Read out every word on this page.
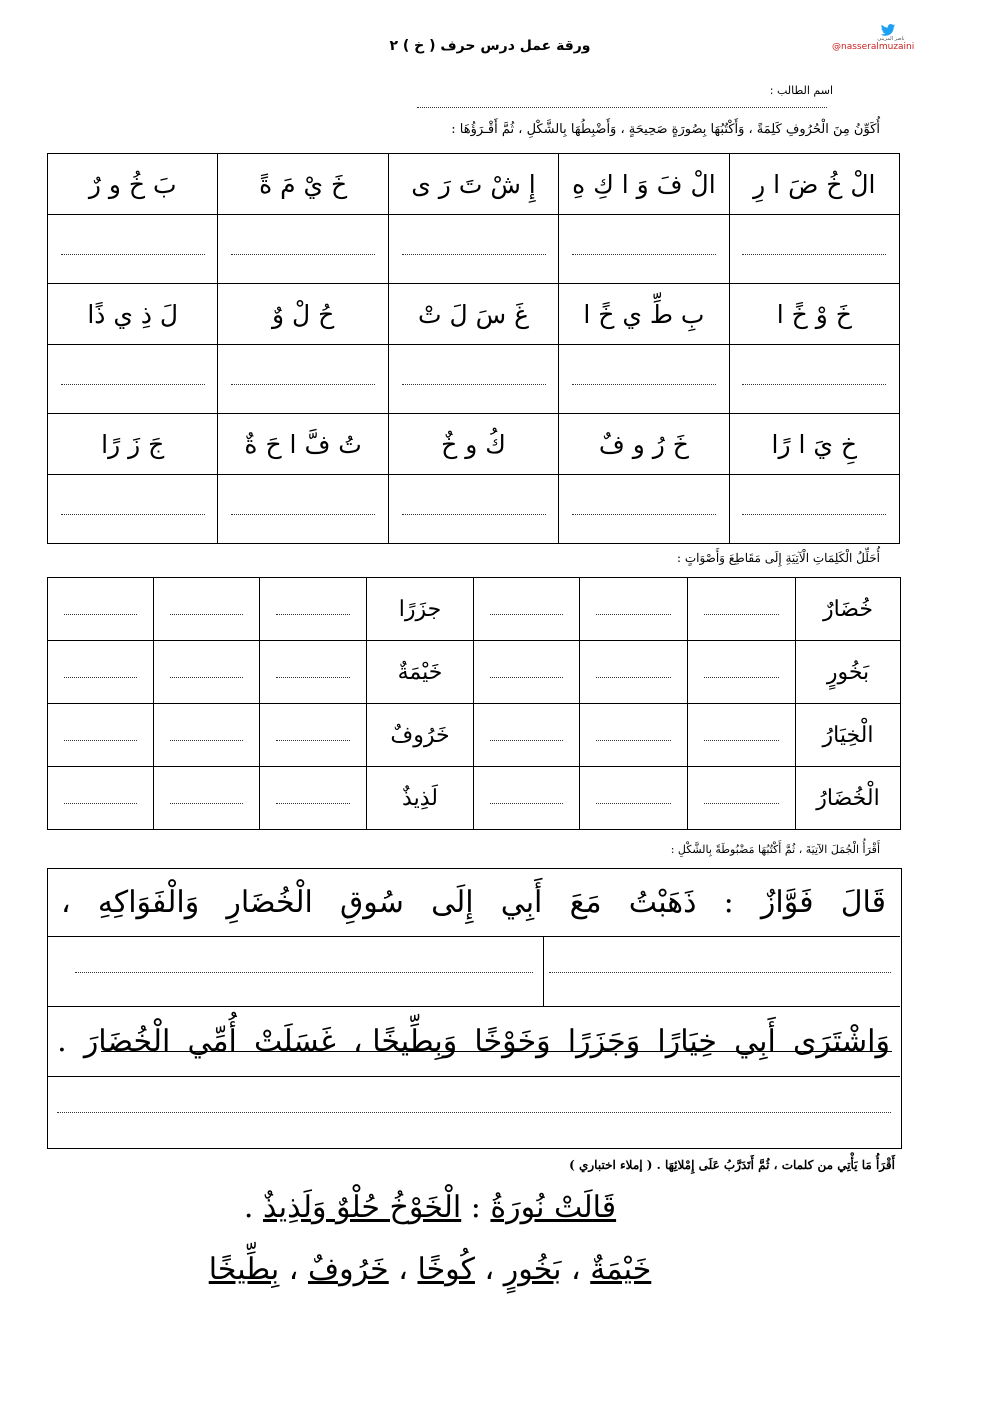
ورقة عمل درس حرف ( خ ) ٢	ناصر المزيني
@nasseralmuzaini
اسم الطالب :
أُكَوِّنُ مِنَ الْحُرُوفِ كَلِمَةً ، وَأَكْتُبُهَا بِصُورَةٍ صَحِيحَةٍ ، وَأَضْبِطُهَا بِالشَّكْلِ ، ثُمَّ أَقْـرَؤُهَا :
الْ خُ ضَ ا رِ	الْ فَ وَ ا كِ هِ	إِ شْ تَ رَ ى	خَ يْ مَ ةً	بَ خُ و رٌ

خَ وْ خً ا	بِ طِّ ي خً ا	غَ سَ لَ تْ	حُ لْ وٌ	لَ ذِ ي ذًا

خِ يَ ا رًا	خَ رُ و فٌ	كُ و خٌ	تُ فَّ ا حَ ةٌ	جَ زَ رًا

أُحَلِّلُ الْكَلِمَاتِ الْآتِيَةِ إِلَى مَقَاطِعَ وَأَصْوَاتٍ :
خُضَارٌ				جزَرًا			
بَخُورٍ				خَيْمَةٌ			
الْخِيَارُ				خَرُوفٌ			
الْخُضَارُ				لَذِيذٌ			
أَقْرَأُ الْجُمَلَ الآتِيَةَ ، ثُمَّ أَكْتُبُهَا مَضْبُوطَةً بِالشَّكْلِ :
قَالَ
فَوَّازٌ
:
ذَهَبْتُ
مَعَ
أَبِي
إِلَى
سُوقِ
الْخُضَارِ
وَالْفَوَاكِهِ
،
وَاشْتَرَى
أَبِي
خِيَارًا
وَجَزَرًا
وَخَوْخًا
وَبِطِّيخًا ،
غَسَلَتْ
أُمِّي
الْخُضَارَ
.
أَقْرَأُ مَا يَأْتِي من كلمات ، ثُمَّ أَتَدَرَّبُ عَلَى إِمْلائِهَا . ( إملاء اختباري )
قَالَتْ نُورَةُ : الْخَوْخُ حُلْوٌ وَلَذِيذٌ .
خَيْمَةٌ ، بَخُورٍ ، كُوخًا ، خَرُوفٌ ، بِطِّيخًا
